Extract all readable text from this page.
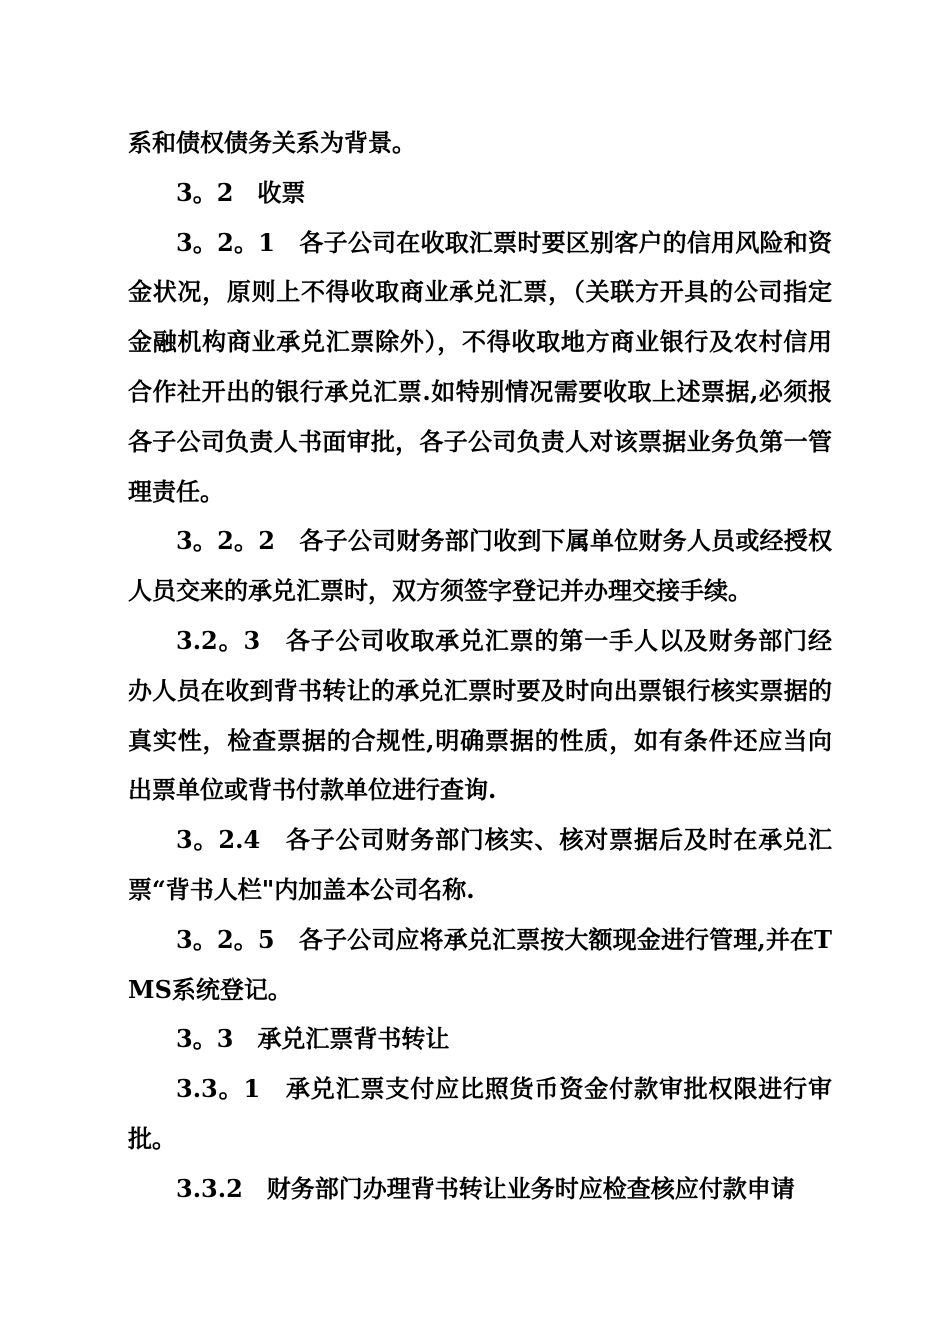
系和债权债务关系为背景。

3。2　收票

3。2。1　各子公司在收取汇票时要区别客户的信用风险和资金状况，原则上不得收取商业承兑汇票，（关联方开具的公司指定金融机构商业承兑汇票除外），不得收取地方商业银行及农村信用合作社开出的银行承兑汇票.如特别情况需要收取上述票据,必须报各子公司负责人书面审批，各子公司负责人对该票据业务负第一管理责任。

3。2。2　各子公司财务部门收到下属单位财务人员或经授权人员交来的承兑汇票时，双方须签字登记并办理交接手续。

3.2。3　各子公司收取承兑汇票的第一手人以及财务部门经办人员在收到背书转让的承兑汇票时要及时向出票银行核实票据的真实性，检查票据的合规性,明确票据的性质，如有条件还应当向出票单位或背书付款单位进行查询.

3。2.4　各子公司财务部门核实、核对票据后及时在承兑汇票“背书人栏"内加盖本公司名称.

3。2。5　各子公司应将承兑汇票按大额现金进行管理,并在TMS系统登记。

3。3　承兑汇票背书转让

3.3。1　承兑汇票支付应比照货币资金付款审批权限进行审批。

3.3.2　财务部门办理背书转让业务时应检查核应付款申请
